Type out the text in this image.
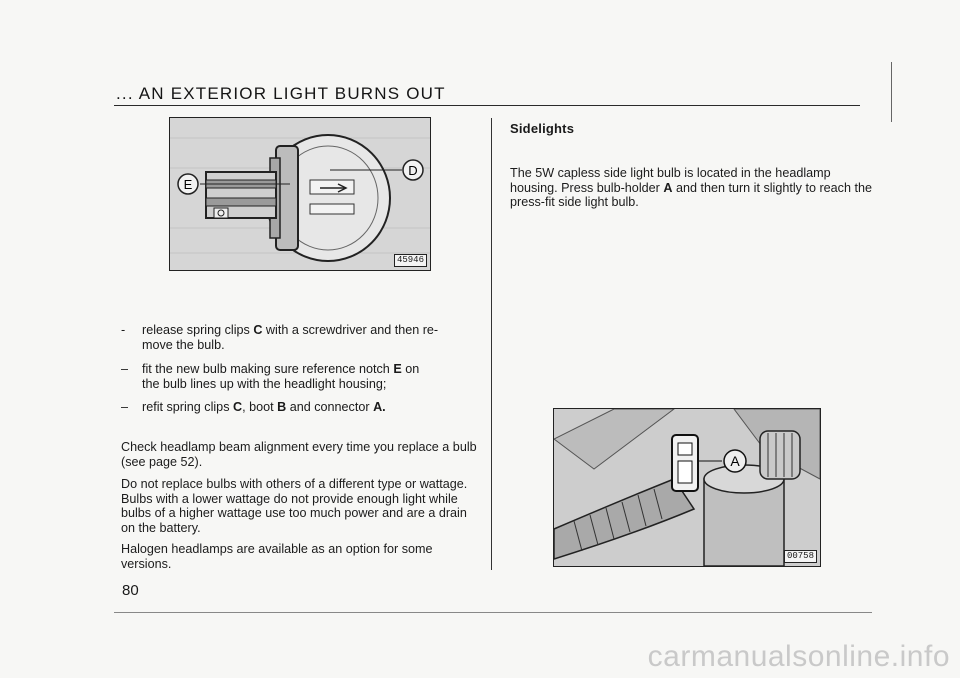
... AN EXTERIOR LIGHT BURNS OUT
E
D
45946
- release spring clips C with a screwdriver and then re-
move the bulb.
– fit the new bulb making sure reference notch E on
the bulb lines up with the headlight housing;
– refit spring clips C, boot B and connector A.
Check headlamp beam alignment every time you replace a bulb (see page 52).
Do not replace bulbs with others of a different type or wattage. Bulbs with a lower wattage do not provide enough light while bulbs of a higher wattage use too much power and are a drain on the battery.
Halogen headlamps are available as an option for some versions.
80
Sidelights
The 5W capless side light bulb is located in the headlamp housing. Press bulb-holder A and then turn it slightly to reach the press-fit side light bulb.
A
00758
carmanualsonline.info
